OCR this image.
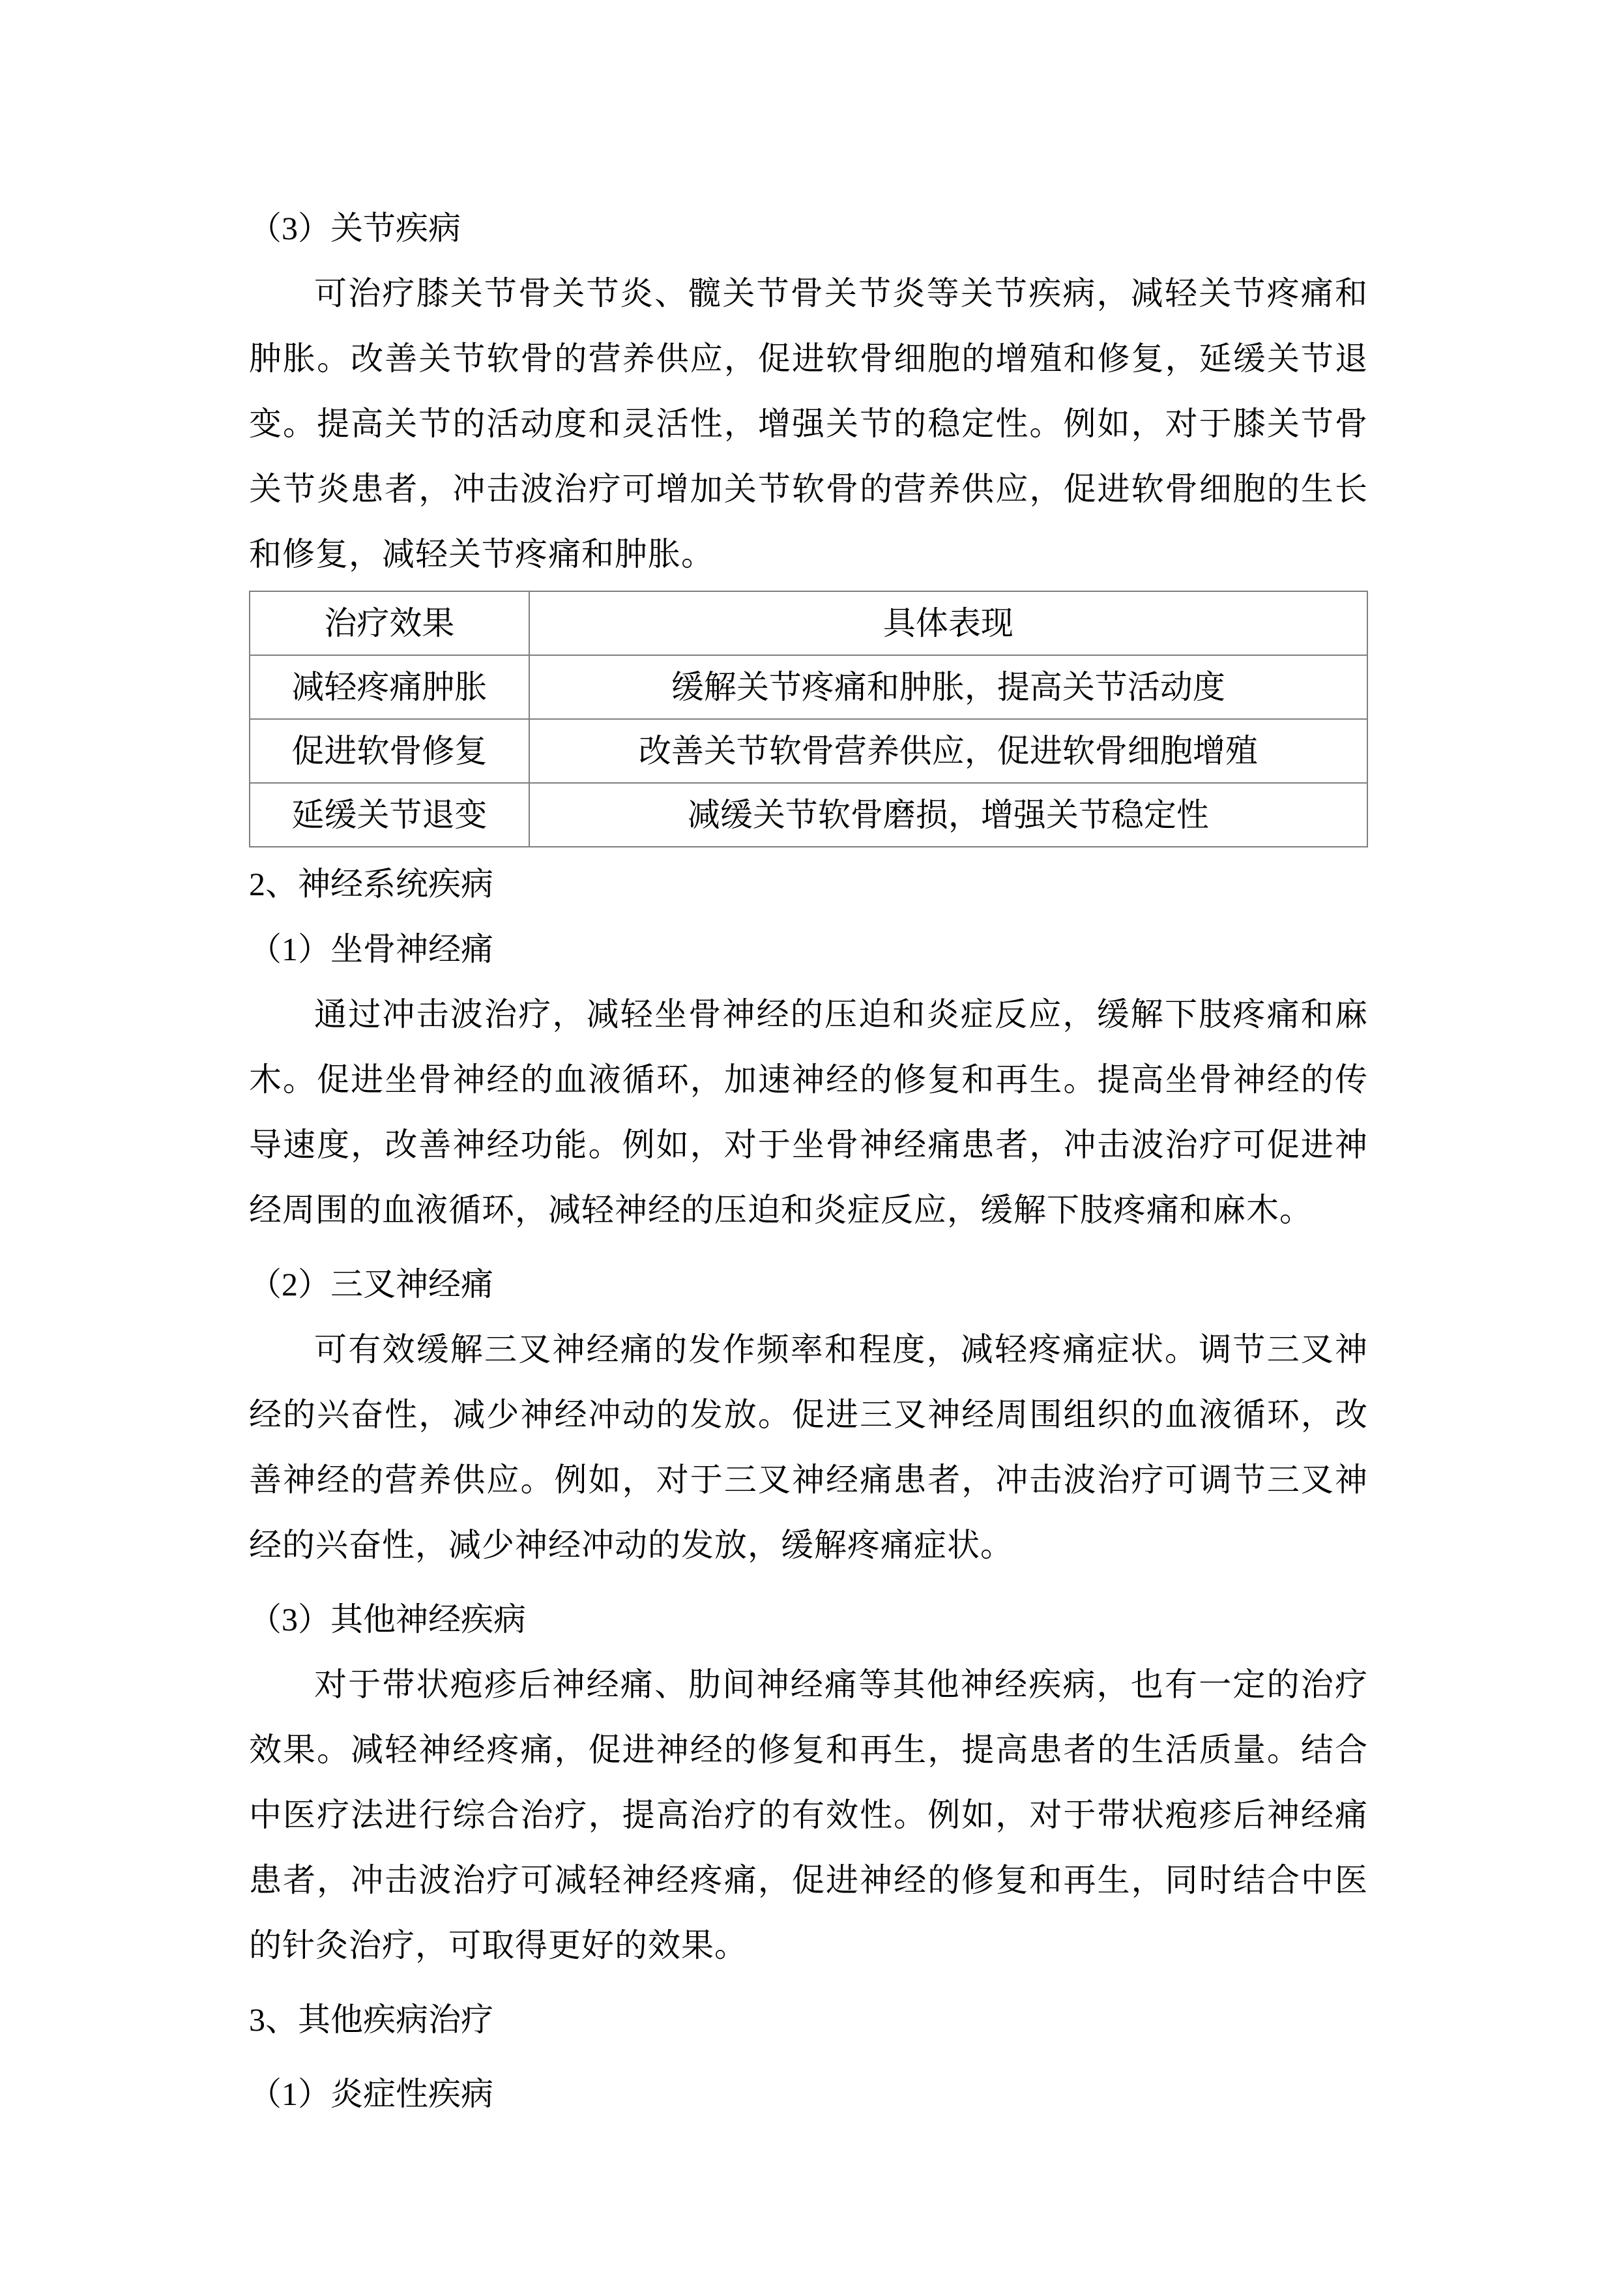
（3）关节疾病

可治疗膝关节骨关节炎、髋关节骨关节炎等关节疾病，减轻关节疼痛和肿胀。改善关节软骨的营养供应，促进软骨细胞的增殖和修复，延缓关节退变。提高关节的活动度和灵活性，增强关节的稳定性。例如，对于膝关节骨关节炎患者，冲击波治疗可增加关节软骨的营养供应，促进软骨细胞的生长和修复，减轻关节疼痛和肿胀。

治疗效果	具体表现
减轻疼痛肿胀	缓解关节疼痛和肿胀，提高关节活动度
促进软骨修复	改善关节软骨营养供应，促进软骨细胞增殖
延缓关节退变	减缓关节软骨磨损，增强关节稳定性
2、神经系统疾病
（1）坐骨神经痛

通过冲击波治疗，减轻坐骨神经的压迫和炎症反应，缓解下肢疼痛和麻木。促进坐骨神经的血液循环，加速神经的修复和再生。提高坐骨神经的传导速度，改善神经功能。例如，对于坐骨神经痛患者，冲击波治疗可促进神经周围的血液循环，减轻神经的压迫和炎症反应，缓解下肢疼痛和麻木。

（2）三叉神经痛

可有效缓解三叉神经痛的发作频率和程度，减轻疼痛症状。调节三叉神经的兴奋性，减少神经冲动的发放。促进三叉神经周围组织的血液循环，改善神经的营养供应。例如，对于三叉神经痛患者，冲击波治疗可调节三叉神经的兴奋性，减少神经冲动的发放，缓解疼痛症状。

（3）其他神经疾病

对于带状疱疹后神经痛、肋间神经痛等其他神经疾病，也有一定的治疗效果。减轻神经疼痛，促进神经的修复和再生，提高患者的生活质量。结合中医疗法进行综合治疗，提高治疗的有效性。例如，对于带状疱疹后神经痛患者，冲击波治疗可减轻神经疼痛，促进神经的修复和再生，同时结合中医的针灸治疗，可取得更好的效果。

3、其他疾病治疗
（1）炎症性疾病
